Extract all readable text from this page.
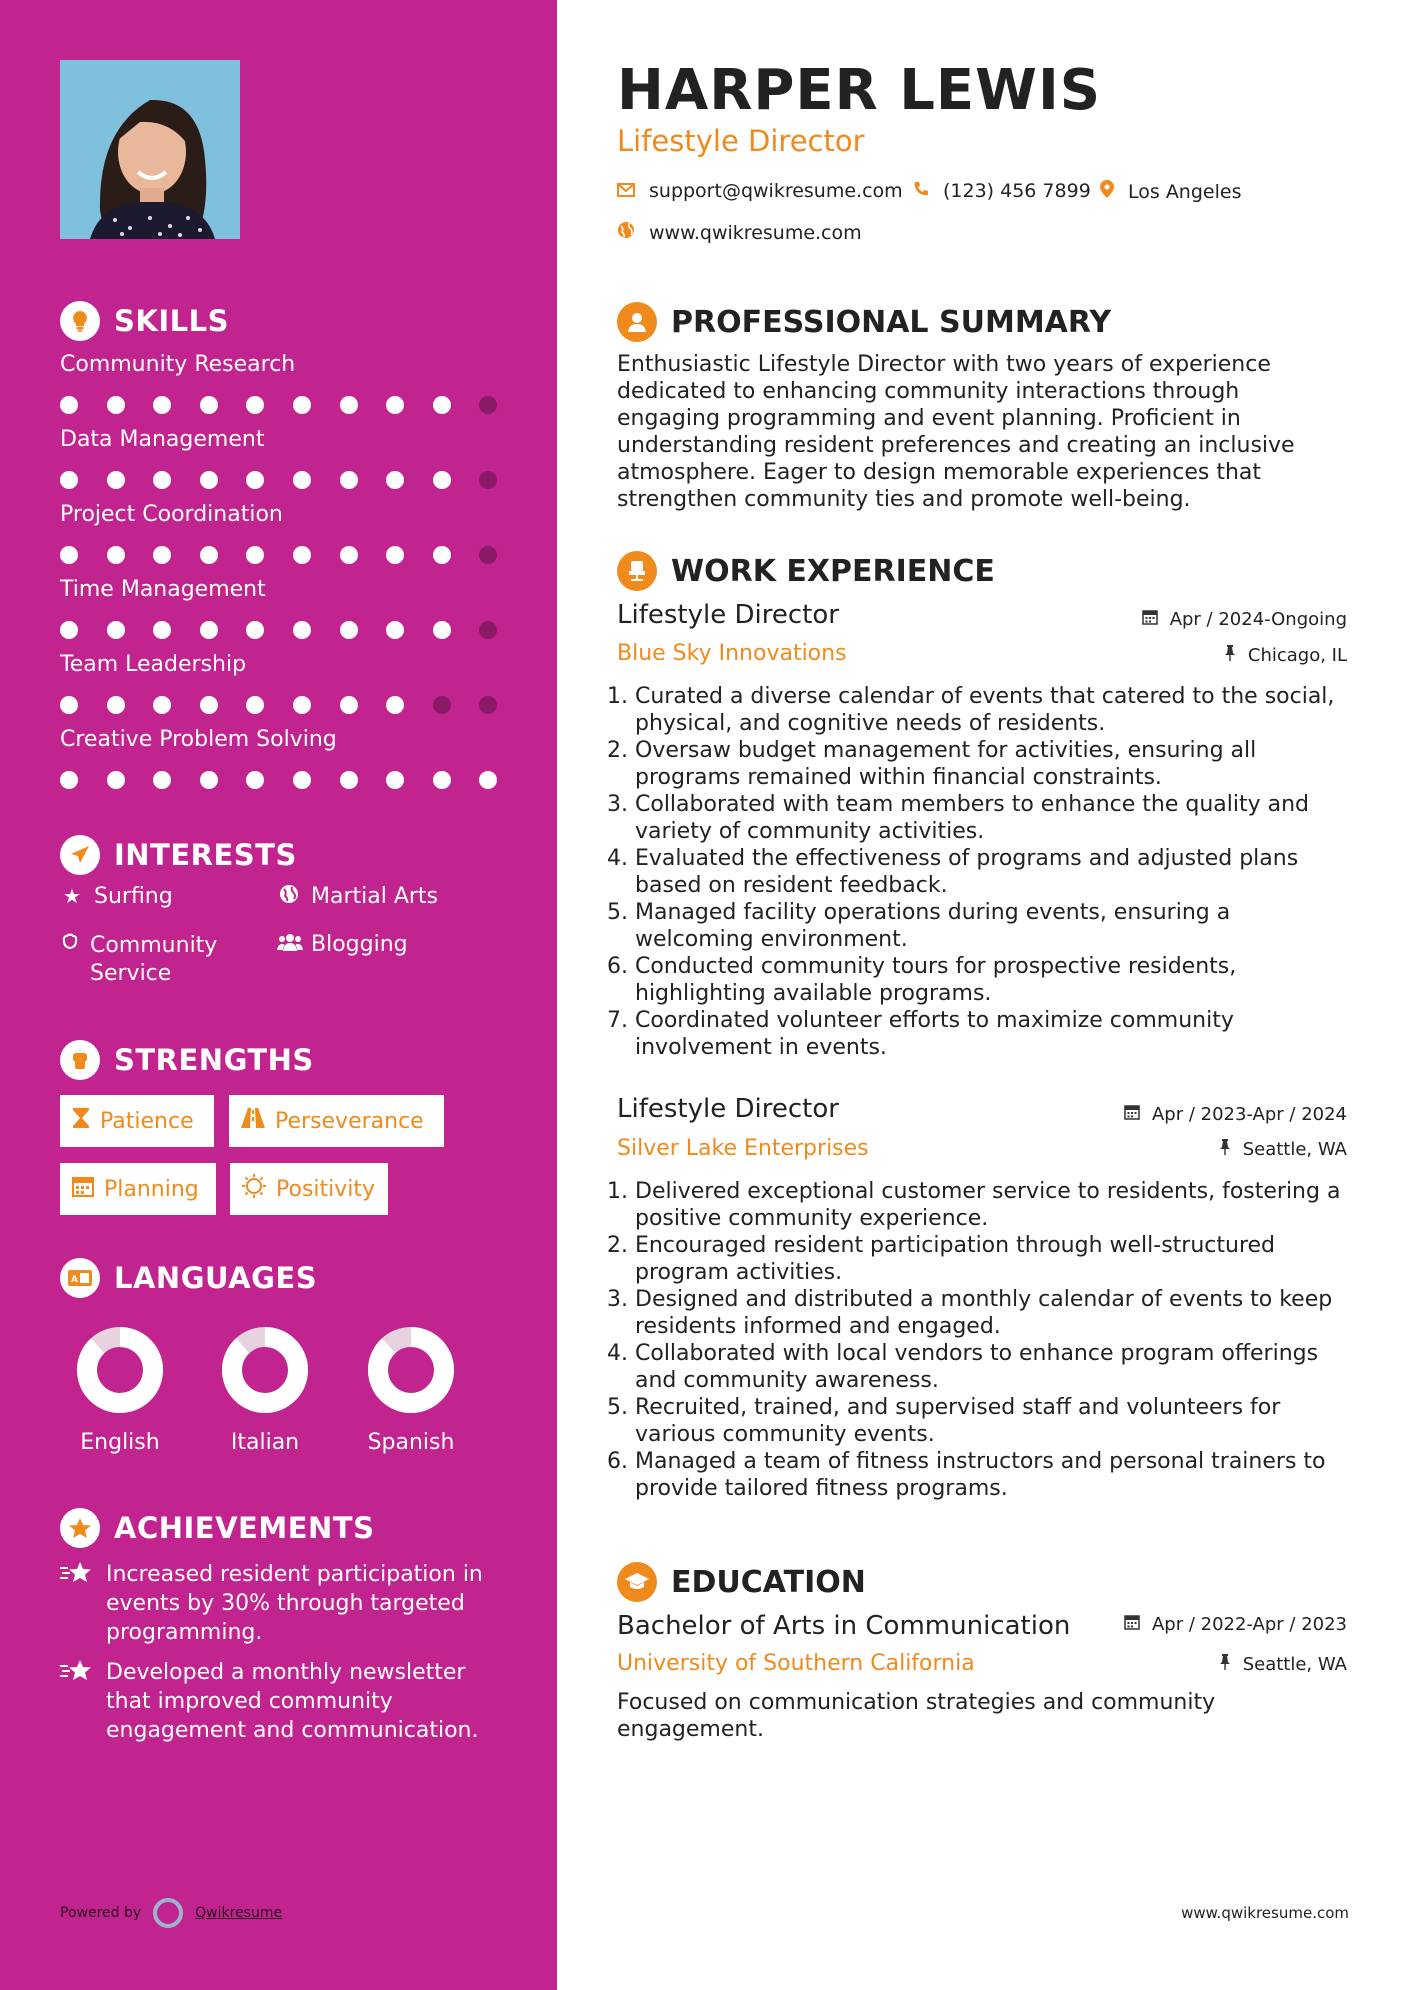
SKILLS
Community Research
Data Management
Project Coordination
Time Management
Team Leadership
Creative Problem Solving
INTERESTS
★ Surfing	Martial Arts
Community Service
Blogging
STRENGTHS
Patience	Perseverance
Planning	Positivity
A LANGUAGES
English	Italian	Spanish
ACHIEVEMENTS
Increased resident participation in events by 30% through targeted programming.
Developed a monthly newsletter that improved community engagement and communication.
Powered by	Qwikresume
HARPER LEWIS
Lifestyle Director
support@qwikresume.com (123) 456 7899 Los Angeles
www.qwikresume.com
PROFESSIONAL SUMMARY
Enthusiastic Lifestyle Director with two years of experience dedicated to enhancing community interactions through engaging programming and event planning. Proficient in understanding resident preferences and creating an inclusive atmosphere. Eager to design memorable experiences that strengthen community ties and promote well-being.
WORK EXPERIENCE
Lifestyle Director	Apr / 2024-Ongoing
Blue Sky Innovations	Chicago, IL
1. Curated a diverse calendar of events that catered to the social, physical, and cognitive needs of residents.
2. Oversaw budget management for activities, ensuring all programs remained within financial constraints.
3. Collaborated with team members to enhance the quality and variety of community activities.
4. Evaluated the effectiveness of programs and adjusted plans based on resident feedback.
5. Managed facility operations during events, ensuring a welcoming environment.
6. Conducted community tours for prospective residents, highlighting available programs.
7. Coordinated volunteer efforts to maximize community involvement in events.
Lifestyle Director	Apr / 2023-Apr / 2024
Silver Lake Enterprises	Seattle, WA
1. Delivered exceptional customer service to residents, fostering a positive community experience.
2. Encouraged resident participation through well-structured program activities.
3. Designed and distributed a monthly calendar of events to keep residents informed and engaged.
4. Collaborated with local vendors to enhance program offerings and community awareness.
5. Recruited, trained, and supervised staff and volunteers for various community events.
6. Managed a team of fitness instructors and personal trainers to provide tailored fitness programs.
EDUCATION
Bachelor of Arts in Communication	Apr / 2022-Apr / 2023
University of Southern California	Seattle, WA
Focused on communication strategies and community engagement.
www.qwikresume.com
